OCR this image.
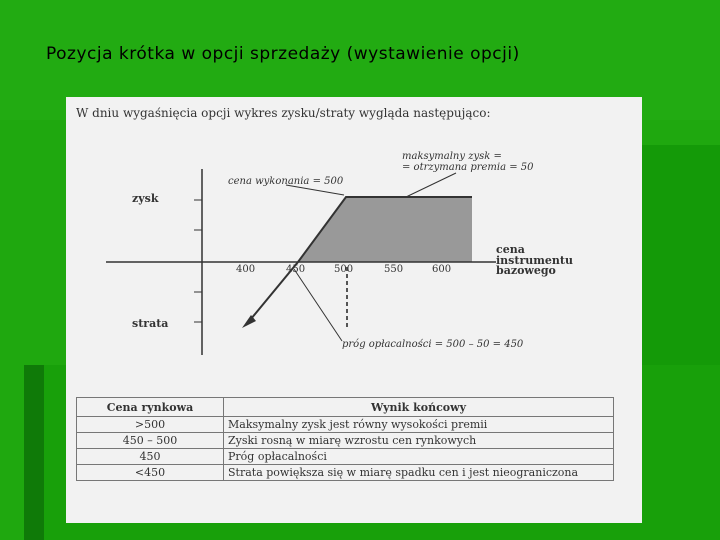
Pozycja krótka w opcji sprzedaży (wystawienie opcji)
W dniu wygaśnięcia opcji wykres zysku/straty wygląda następująco:
400	450	500	550	600
zysk
strata
cena
instrumentu
bazowego
maksymalny zysk =
= otrzymana premia = 50
cena wykonania = 500
próg opłacalności = 500 – 50 = 450
Cena rynkowa	Wynik końcowy
>500	Maksymalny zysk jest równy wysokości premii
450 – 500	Zyski rosną w miarę wzrostu cen rynkowych
450	Próg opłacalności
<450	Strata powiększa się w miarę spadku cen i jest nieograniczona
